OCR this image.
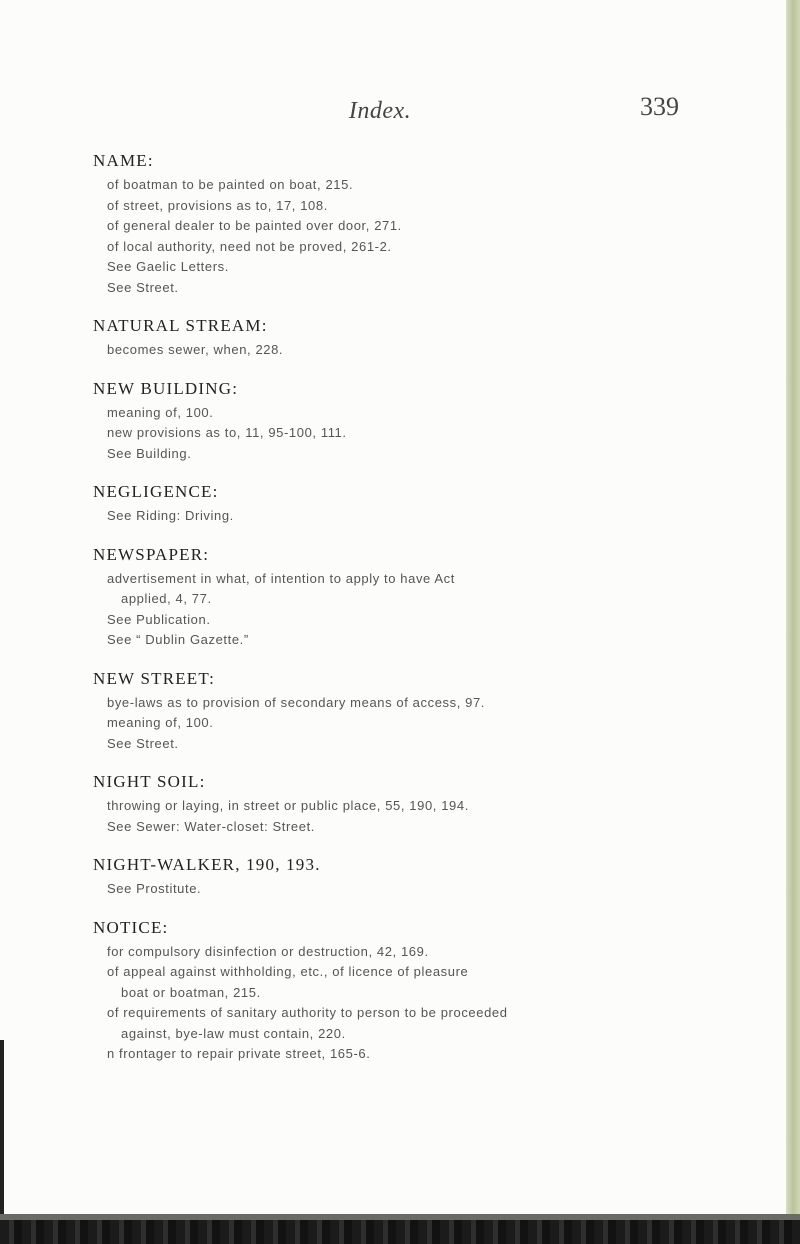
Index.	339
NAME:
of boatman to be painted on boat, 215.
of street, provisions as to, 17, 108.
of general dealer to be painted over door, 271.
of local authority, need not be proved, 261-2.
See Gaelic Letters.
See Street.
NATURAL STREAM:
becomes sewer, when, 228.
NEW BUILDING:
meaning of, 100.
new provisions as to, 11, 95-100, 111.
See Building.
NEGLIGENCE:
See Riding: Driving.
NEWSPAPER:
advertisement in what, of intention to apply to have Act
applied, 4, 77.
See Publication.
See “ Dublin Gazette.”
NEW STREET:
bye-laws as to provision of secondary means of access, 97.
meaning of, 100.
See Street.
NIGHT SOIL:
throwing or laying, in street or public place, 55, 190, 194.
See Sewer: Water-closet: Street.
NIGHT-WALKER, 190, 193.
See Prostitute.
NOTICE:
for compulsory disinfection or destruction, 42, 169.
of appeal against withholding, etc., of licence of pleasure
boat or boatman, 215.
of requirements of sanitary authority to person to be proceeded
against, bye-law must contain, 220.
n frontager to repair private street, 165-6.
